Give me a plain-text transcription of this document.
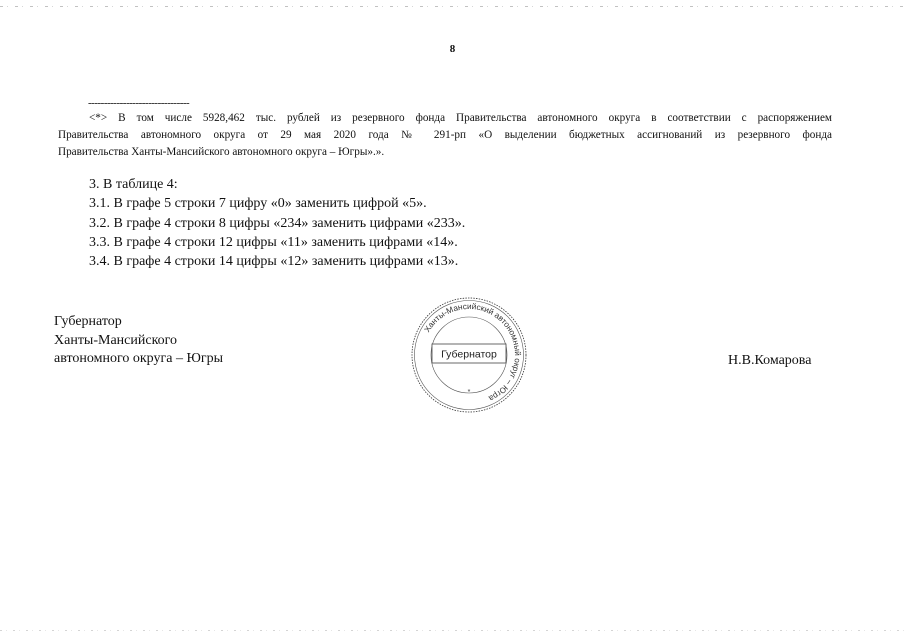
8
--------------------------------
<*> В том числе 5928,462 тыс. рублей из резервного фонда Правительства автономного округа в соответствии с распоряжением
Правительства автономного округа от 29 мая 2020 года № 291-рп «О выделении бюджетных ассигнований из резервного фонда
Правительства Ханты-Мансийского автономного округа – Югры».».
3. В таблице 4:
3.1. В графе 5 строки 7 цифру «0» заменить цифрой «5».
3.2. В графе 4 строки 8 цифры «234» заменить цифрами «233».
3.3. В графе 4 строки 12 цифры «11» заменить цифрами «14».
3.4. В графе 4 строки 14 цифры «12» заменить цифрами «13».
Губернатор
Ханты-Мансийского
автономного округа – Югры
Ханты-Мансийский автономный округ – Югра
Губернатор
*
Н.В.Комарова
